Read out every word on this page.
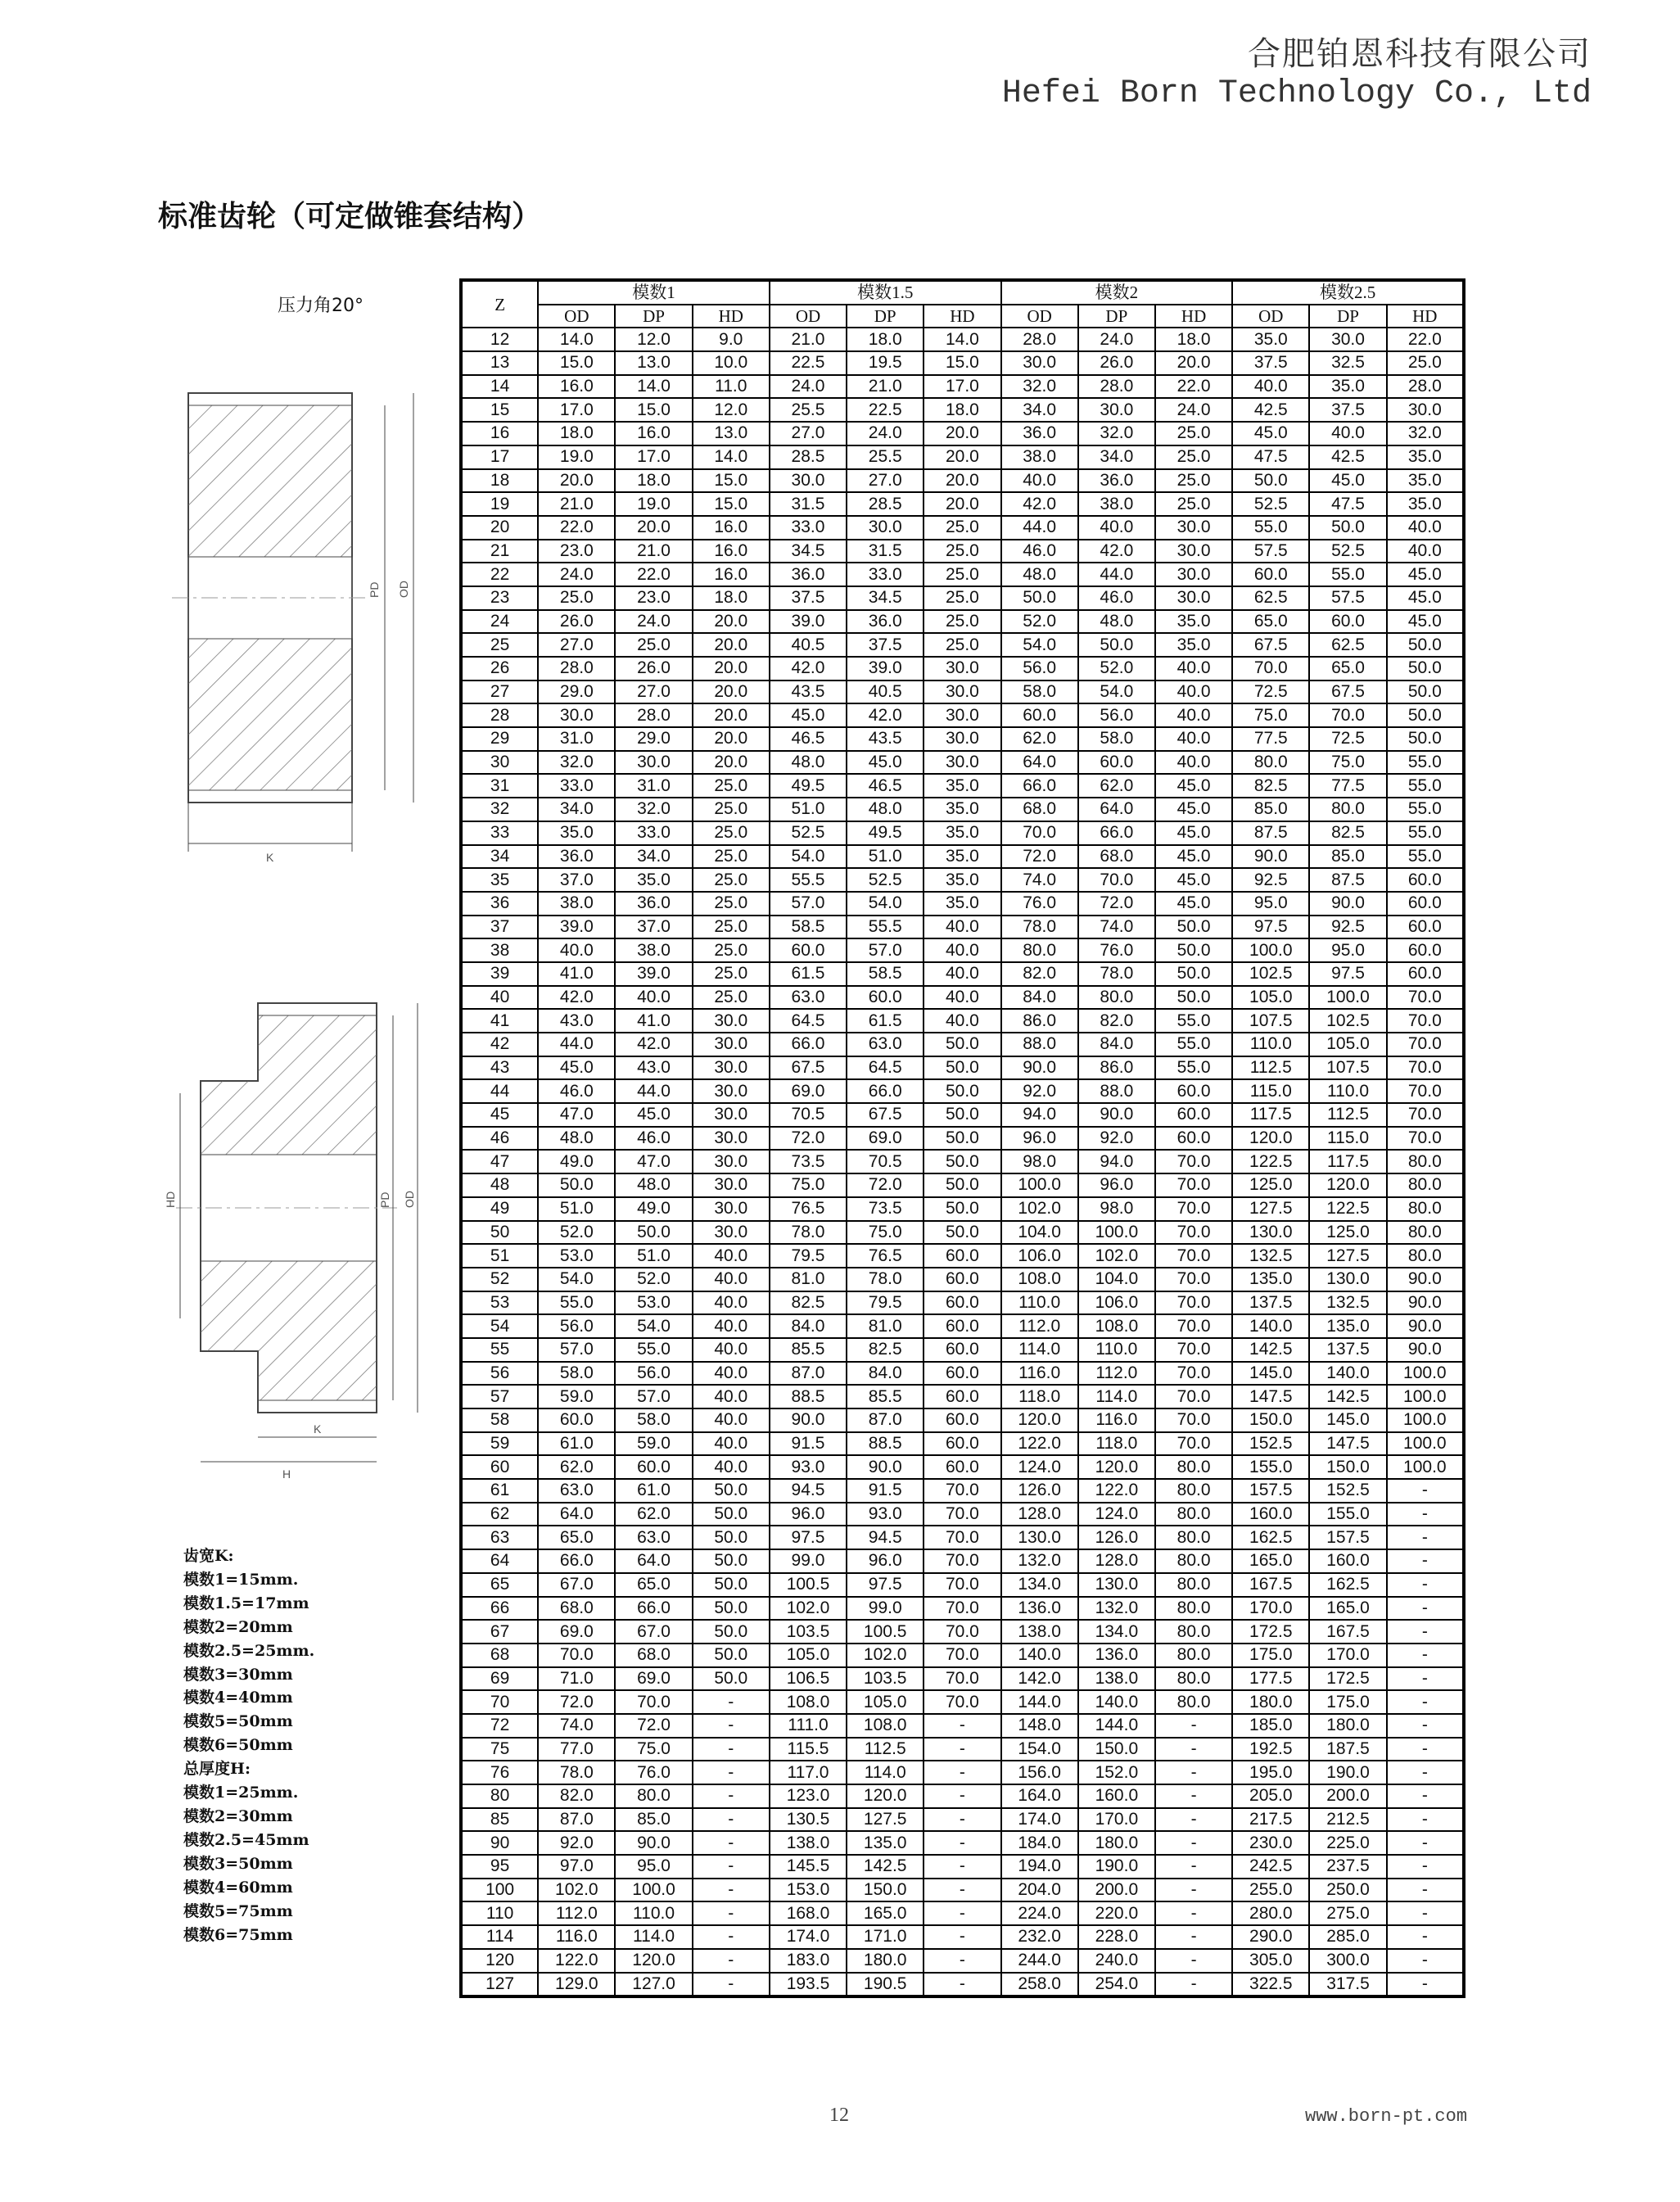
合肥铂恩科技有限公司
Hefei Born Technology Co., Ltd
标准齿轮（可定做锥套结构）
压力角20°
PD OD
K
HD	PD OD
K
H
Z	模数1			模数1.5			模数2			模数2.5		
	OD	DP	HD	OD	DP	HD	OD	DP	HD	OD	DP	HD
12	14.0	12.0	9.0	21.0	18.0	14.0	28.0	24.0	18.0	35.0	30.0	22.0
13	15.0	13.0	10.0	22.5	19.5	15.0	30.0	26.0	20.0	37.5	32.5	25.0
14	16.0	14.0	11.0	24.0	21.0	17.0	32.0	28.0	22.0	40.0	35.0	28.0
15	17.0	15.0	12.0	25.5	22.5	18.0	34.0	30.0	24.0	42.5	37.5	30.0
16	18.0	16.0	13.0	27.0	24.0	20.0	36.0	32.0	25.0	45.0	40.0	32.0
17	19.0	17.0	14.0	28.5	25.5	20.0	38.0	34.0	25.0	47.5	42.5	35.0
18	20.0	18.0	15.0	30.0	27.0	20.0	40.0	36.0	25.0	50.0	45.0	35.0
19	21.0	19.0	15.0	31.5	28.5	20.0	42.0	38.0	25.0	52.5	47.5	35.0
20	22.0	20.0	16.0	33.0	30.0	25.0	44.0	40.0	30.0	55.0	50.0	40.0
21	23.0	21.0	16.0	34.5	31.5	25.0	46.0	42.0	30.0	57.5	52.5	40.0
22	24.0	22.0	16.0	36.0	33.0	25.0	48.0	44.0	30.0	60.0	55.0	45.0
23	25.0	23.0	18.0	37.5	34.5	25.0	50.0	46.0	30.0	62.5	57.5	45.0
24	26.0	24.0	20.0	39.0	36.0	25.0	52.0	48.0	35.0	65.0	60.0	45.0
25	27.0	25.0	20.0	40.5	37.5	25.0	54.0	50.0	35.0	67.5	62.5	50.0
26	28.0	26.0	20.0	42.0	39.0	30.0	56.0	52.0	40.0	70.0	65.0	50.0
27	29.0	27.0	20.0	43.5	40.5	30.0	58.0	54.0	40.0	72.5	67.5	50.0
28	30.0	28.0	20.0	45.0	42.0	30.0	60.0	56.0	40.0	75.0	70.0	50.0
29	31.0	29.0	20.0	46.5	43.5	30.0	62.0	58.0	40.0	77.5	72.5	50.0
30	32.0	30.0	20.0	48.0	45.0	30.0	64.0	60.0	40.0	80.0	75.0	55.0
31	33.0	31.0	25.0	49.5	46.5	35.0	66.0	62.0	45.0	82.5	77.5	55.0
32	34.0	32.0	25.0	51.0	48.0	35.0	68.0	64.0	45.0	85.0	80.0	55.0
33	35.0	33.0	25.0	52.5	49.5	35.0	70.0	66.0	45.0	87.5	82.5	55.0
34	36.0	34.0	25.0	54.0	51.0	35.0	72.0	68.0	45.0	90.0	85.0	55.0
35	37.0	35.0	25.0	55.5	52.5	35.0	74.0	70.0	45.0	92.5	87.5	60.0
36	38.0	36.0	25.0	57.0	54.0	35.0	76.0	72.0	45.0	95.0	90.0	60.0
37	39.0	37.0	25.0	58.5	55.5	40.0	78.0	74.0	50.0	97.5	92.5	60.0
38	40.0	38.0	25.0	60.0	57.0	40.0	80.0	76.0	50.0	100.0	95.0	60.0
39	41.0	39.0	25.0	61.5	58.5	40.0	82.0	78.0	50.0	102.5	97.5	60.0
40	42.0	40.0	25.0	63.0	60.0	40.0	84.0	80.0	50.0	105.0	100.0	70.0
41	43.0	41.0	30.0	64.5	61.5	40.0	86.0	82.0	55.0	107.5	102.5	70.0
42	44.0	42.0	30.0	66.0	63.0	50.0	88.0	84.0	55.0	110.0	105.0	70.0
43	45.0	43.0	30.0	67.5	64.5	50.0	90.0	86.0	55.0	112.5	107.5	70.0
44	46.0	44.0	30.0	69.0	66.0	50.0	92.0	88.0	60.0	115.0	110.0	70.0
45	47.0	45.0	30.0	70.5	67.5	50.0	94.0	90.0	60.0	117.5	112.5	70.0
46	48.0	46.0	30.0	72.0	69.0	50.0	96.0	92.0	60.0	120.0	115.0	70.0
47	49.0	47.0	30.0	73.5	70.5	50.0	98.0	94.0	70.0	122.5	117.5	80.0
48	50.0	48.0	30.0	75.0	72.0	50.0	100.0	96.0	70.0	125.0	120.0	80.0
49	51.0	49.0	30.0	76.5	73.5	50.0	102.0	98.0	70.0	127.5	122.5	80.0
50	52.0	50.0	30.0	78.0	75.0	50.0	104.0	100.0	70.0	130.0	125.0	80.0
51	53.0	51.0	40.0	79.5	76.5	60.0	106.0	102.0	70.0	132.5	127.5	80.0
52	54.0	52.0	40.0	81.0	78.0	60.0	108.0	104.0	70.0	135.0	130.0	90.0
53	55.0	53.0	40.0	82.5	79.5	60.0	110.0	106.0	70.0	137.5	132.5	90.0
54	56.0	54.0	40.0	84.0	81.0	60.0	112.0	108.0	70.0	140.0	135.0	90.0
55	57.0	55.0	40.0	85.5	82.5	60.0	114.0	110.0	70.0	142.5	137.5	90.0
56	58.0	56.0	40.0	87.0	84.0	60.0	116.0	112.0	70.0	145.0	140.0	100.0
57	59.0	57.0	40.0	88.5	85.5	60.0	118.0	114.0	70.0	147.5	142.5	100.0
58	60.0	58.0	40.0	90.0	87.0	60.0	120.0	116.0	70.0	150.0	145.0	100.0
59	61.0	59.0	40.0	91.5	88.5	60.0	122.0	118.0	70.0	152.5	147.5	100.0
60	62.0	60.0	40.0	93.0	90.0	60.0	124.0	120.0	80.0	155.0	150.0	100.0
61	63.0	61.0	50.0	94.5	91.5	70.0	126.0	122.0	80.0	157.5	152.5	-
62	64.0	62.0	50.0	96.0	93.0	70.0	128.0	124.0	80.0	160.0	155.0	-
63	65.0	63.0	50.0	97.5	94.5	70.0	130.0	126.0	80.0	162.5	157.5	-
64	66.0	64.0	50.0	99.0	96.0	70.0	132.0	128.0	80.0	165.0	160.0	-
65	67.0	65.0	50.0	100.5	97.5	70.0	134.0	130.0	80.0	167.5	162.5	-
66	68.0	66.0	50.0	102.0	99.0	70.0	136.0	132.0	80.0	170.0	165.0	-
67	69.0	67.0	50.0	103.5	100.5	70.0	138.0	134.0	80.0	172.5	167.5	-
68	70.0	68.0	50.0	105.0	102.0	70.0	140.0	136.0	80.0	175.0	170.0	-
69	71.0	69.0	50.0	106.5	103.5	70.0	142.0	138.0	80.0	177.5	172.5	-
70	72.0	70.0	-	108.0	105.0	70.0	144.0	140.0	80.0	180.0	175.0	-
72	74.0	72.0	-	111.0	108.0	-	148.0	144.0	-	185.0	180.0	-
75	77.0	75.0	-	115.5	112.5	-	154.0	150.0	-	192.5	187.5	-
76	78.0	76.0	-	117.0	114.0	-	156.0	152.0	-	195.0	190.0	-
80	82.0	80.0	-	123.0	120.0	-	164.0	160.0	-	205.0	200.0	-
85	87.0	85.0	-	130.5	127.5	-	174.0	170.0	-	217.5	212.5	-
90	92.0	90.0	-	138.0	135.0	-	184.0	180.0	-	230.0	225.0	-
95	97.0	95.0	-	145.5	142.5	-	194.0	190.0	-	242.5	237.5	-
100	102.0	100.0	-	153.0	150.0	-	204.0	200.0	-	255.0	250.0	-
110	112.0	110.0	-	168.0	165.0	-	224.0	220.0	-	280.0	275.0	-
114	116.0	114.0	-	174.0	171.0	-	232.0	228.0	-	290.0	285.0	-
120	122.0	120.0	-	183.0	180.0	-	244.0	240.0	-	305.0	300.0	-
127	129.0	127.0	-	193.5	190.5	-	258.0	254.0	-	322.5	317.5	-
齿宽K:
模数1=15mm.
模数1.5=17mm
模数2=20mm
模数2.5=25mm.
模数3=30mm
模数4=40mm
模数5=50mm
模数6=50mm
总厚度H:
模数1=25mm.
模数2=30mm
模数2.5=45mm
模数3=50mm
模数4=60mm
模数5=75mm
模数6=75mm
12	www.born-pt.com
